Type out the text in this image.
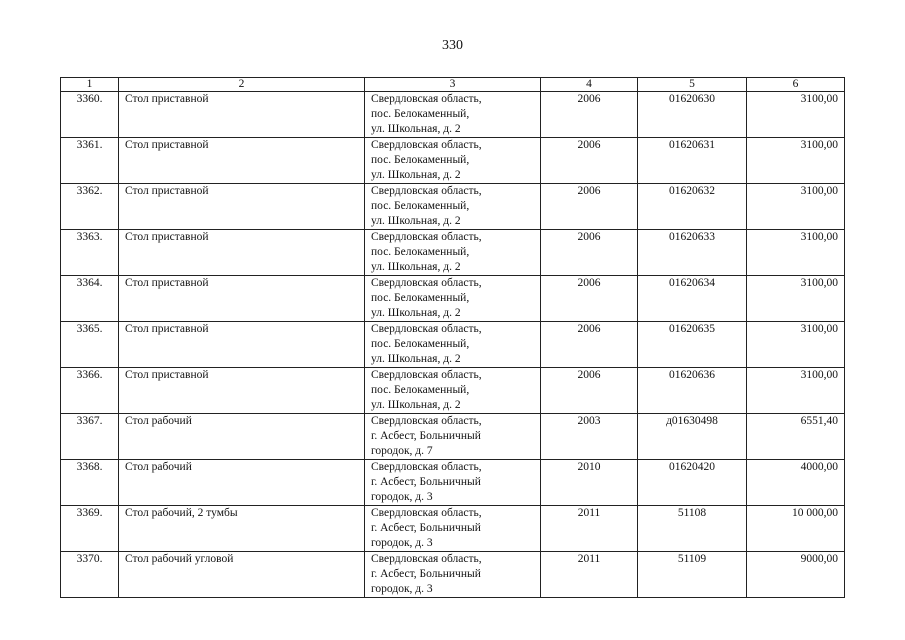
330
1	2	3	4	5	6
3360.	Стол приставной	Свердловская область,
пос. Белокаменный,
ул. Школьная, д. 2	2006	01620630	3100,00
3361.	Стол приставной	Свердловская область,
пос. Белокаменный,
ул. Школьная, д. 2	2006	01620631	3100,00
3362.	Стол приставной	Свердловская область,
пос. Белокаменный,
ул. Школьная, д. 2	2006	01620632	3100,00
3363.	Стол приставной	Свердловская область,
пос. Белокаменный,
ул. Школьная, д. 2	2006	01620633	3100,00
3364.	Стол приставной	Свердловская область,
пос. Белокаменный,
ул. Школьная, д. 2	2006	01620634	3100,00
3365.	Стол приставной	Свердловская область,
пос. Белокаменный,
ул. Школьная, д. 2	2006	01620635	3100,00
3366.	Стол приставной	Свердловская область,
пос. Белокаменный,
ул. Школьная, д. 2	2006	01620636	3100,00
3367.	Стол рабочий	Свердловская область,
г. Асбест, Больничный
городок, д. 7	2003	д01630498	6551,40
3368.	Стол рабочий	Свердловская область,
г. Асбест, Больничный
городок, д. 3	2010	01620420	4000,00
3369.	Стол рабочий, 2 тумбы	Свердловская область,
г. Асбест, Больничный
городок, д. 3	2011	51108	10 000,00
3370.	Стол рабочий угловой	Свердловская область,
г. Асбест, Больничный
городок, д. 3	2011	51109	9000,00
